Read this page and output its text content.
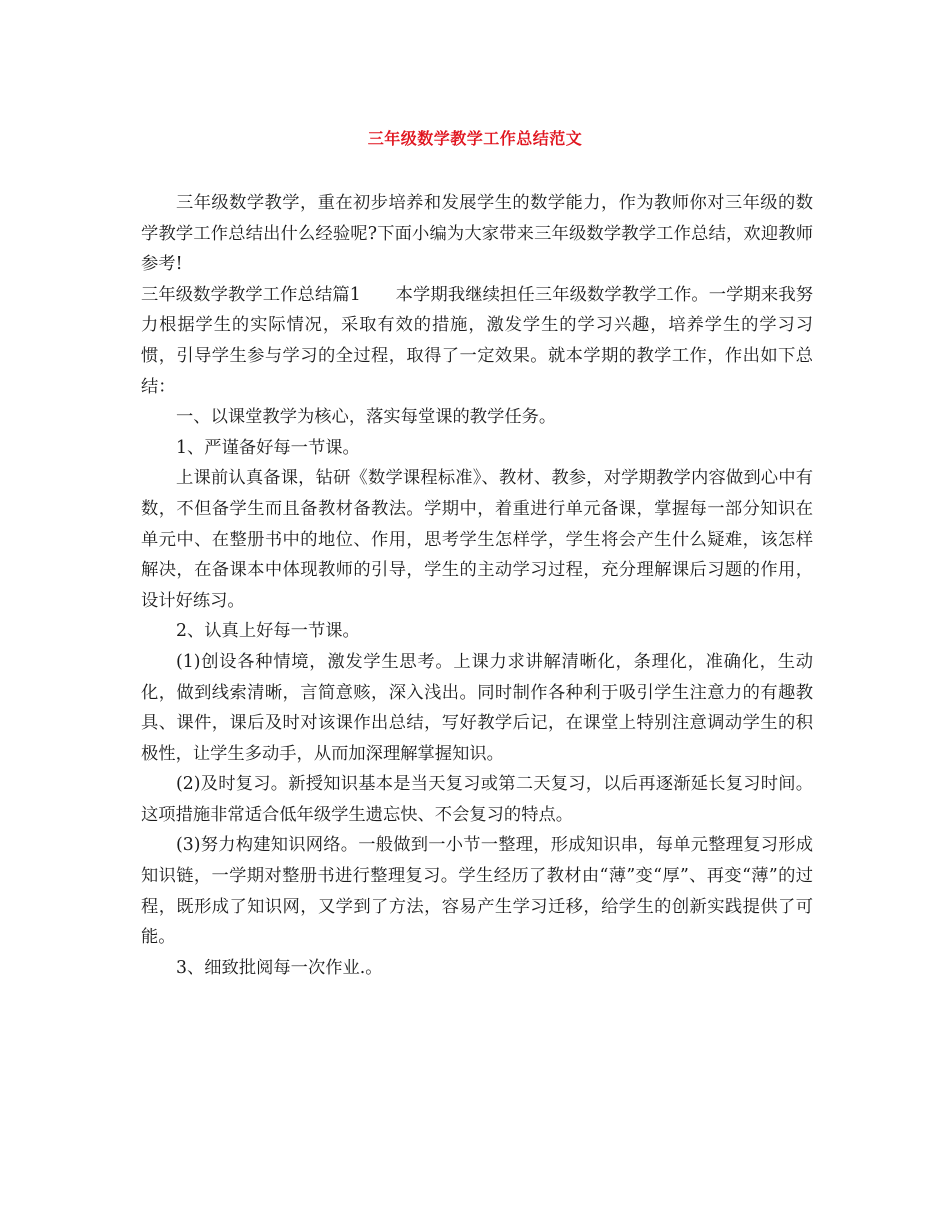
三年级数学教学工作总结范文

三年级数学教学，重在初步培养和发展学生的数学能力，作为教师你对三年级的数学教学工作总结出什么经验呢?下面小编为大家带来三年级数学教学工作总结，欢迎教师参考!

三年级数学教学工作总结篇1　　本学期我继续担任三年级数学教学工作。一学期来我努力根据学生的实际情况，采取有效的措施，激发学生的学习兴趣，培养学生的学习习惯，引导学生参与学习的全过程，取得了一定效果。就本学期的教学工作，作出如下总结：

一、以课堂教学为核心，落实每堂课的教学任务。

1、严谨备好每一节课。

上课前认真备课，钻研《数学课程标准》、教材、教参，对学期教学内容做到心中有数，不但备学生而且备教材备教法。学期中，着重进行单元备课，掌握每一部分知识在单元中、在整册书中的地位、作用，思考学生怎样学，学生将会产生什么疑难，该怎样解决，在备课本中体现教师的引导，学生的主动学习过程，充分理解课后习题的作用，设计好练习。

2、认真上好每一节课。

(1)创设各种情境，激发学生思考。上课力求讲解清晰化，条理化，准确化，生动化，做到线索清晰，言简意赅，深入浅出。同时制作各种利于吸引学生注意力的有趣教具、课件，课后及时对该课作出总结，写好教学后记，在课堂上特别注意调动学生的积极性，让学生多动手，从而加深理解掌握知识。

(2)及时复习。新授知识基本是当天复习或第二天复习，以后再逐渐延长复习时间。这项措施非常适合低年级学生遗忘快、不会复习的特点。

(3)努力构建知识网络。一般做到一小节一整理，形成知识串，每单元整理复习形成知识链，一学期对整册书进行整理复习。学生经历了教材由“薄”变“厚”、再变“薄”的过程，既形成了知识网，又学到了方法，容易产生学习迁移，给学生的创新实践提供了可能。

3、细致批阅每一次作业.。
